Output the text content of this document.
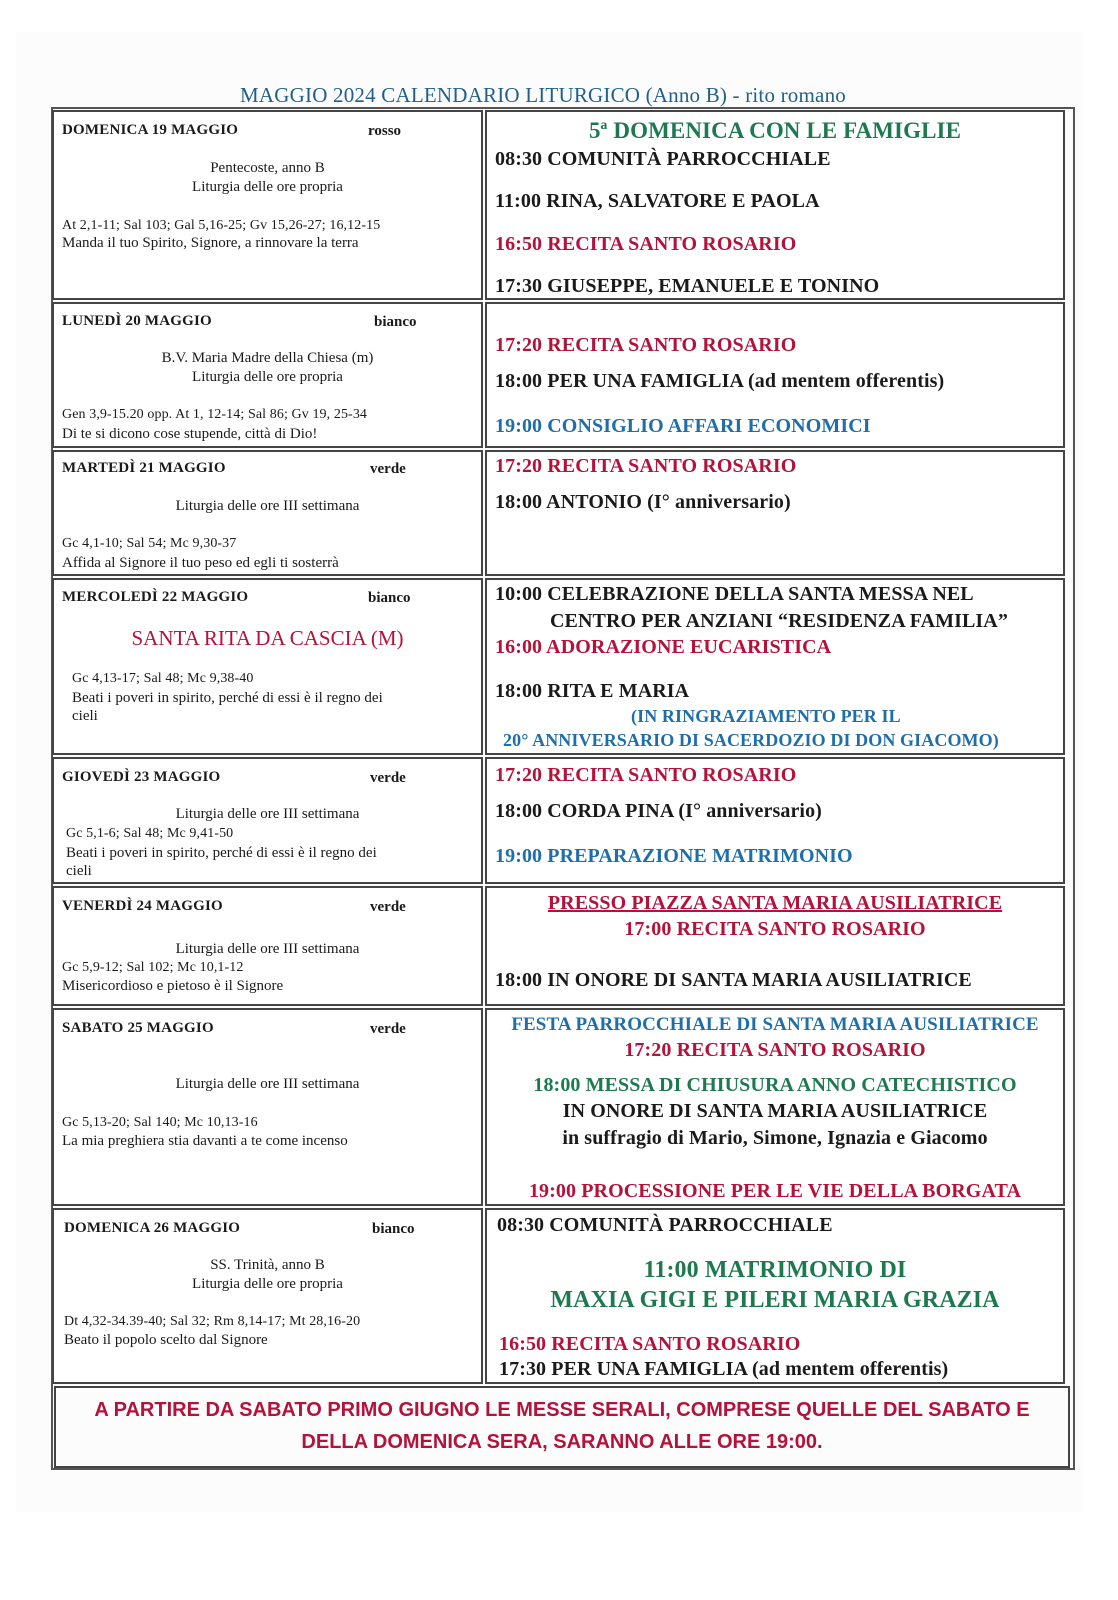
MAGGIO 2024 CALENDARIO LITURGICO (Anno B) - rito romano
DOMENICA 19 MAGGIO	rosso
Pentecoste, anno B
Liturgia delle ore propria
At 2,1-11; Sal 103; Gal 5,16-25; Gv 15,26-27; 16,12-15
Manda il tuo Spirito, Signore, a rinnovare la terra
5ª DOMENICA CON LE FAMIGLIE
08:30 COMUNITÀ PARROCCHIALE
11:00 RINA, SALVATORE E PAOLA
16:50 RECITA SANTO ROSARIO
17:30 GIUSEPPE, EMANUELE E TONINO
LUNEDÌ 20 MAGGIO	bianco
B.V. Maria Madre della Chiesa (m)
Liturgia delle ore propria
Gen 3,9-15.20 opp. At 1, 12-14; Sal 86; Gv 19, 25-34
Di te si dicono cose stupende, città di Dio!
17:20 RECITA SANTO ROSARIO
18:00 PER UNA FAMIGLIA (ad mentem offerentis)
19:00 CONSIGLIO AFFARI ECONOMICI
MARTEDÌ 21 MAGGIO	verde
Liturgia delle ore III settimana
Gc 4,1-10; Sal 54; Mc 9,30-37
Affida al Signore il tuo peso ed egli ti sosterrà
17:20 RECITA SANTO ROSARIO
18:00 ANTONIO (I° anniversario)
MERCOLEDÌ 22 MAGGIO	bianco
SANTA RITA DA CASCIA (M)
Gc 4,13-17; Sal 48; Mc 9,38-40
Beati i poveri in spirito, perché di essi è il regno dei
cieli
10:00 CELEBRAZIONE DELLA SANTA MESSA NEL
CENTRO PER ANZIANI “RESIDENZA FAMILIA”
16:00 ADORAZIONE EUCARISTICA
18:00 RITA E MARIA
(IN RINGRAZIAMENTO PER IL
20° ANNIVERSARIO DI SACERDOZIO DI DON GIACOMO)
GIOVEDÌ 23 MAGGIO	verde
Liturgia delle ore III settimana
Gc 5,1-6; Sal 48; Mc 9,41-50
Beati i poveri in spirito, perché di essi è il regno dei
cieli
17:20 RECITA SANTO ROSARIO
18:00 CORDA PINA (I° anniversario)
19:00 PREPARAZIONE MATRIMONIO
VENERDÌ 24 MAGGIO	verde
Liturgia delle ore III settimana
Gc 5,9-12; Sal 102; Mc 10,1-12
Misericordioso e pietoso è il Signore
PRESSO PIAZZA SANTA MARIA AUSILIATRICE
17:00 RECITA SANTO ROSARIO
18:00 IN ONORE DI SANTA MARIA AUSILIATRICE
SABATO 25 MAGGIO	verde
Liturgia delle ore III settimana
Gc 5,13-20; Sal 140; Mc 10,13-16
La mia preghiera stia davanti a te come incenso
FESTA PARROCCHIALE DI SANTA MARIA AUSILIATRICE
17:20 RECITA SANTO ROSARIO
18:00 MESSA DI CHIUSURA ANNO CATECHISTICO
IN ONORE DI SANTA MARIA AUSILIATRICE
in suffragio di Mario, Simone, Ignazia e Giacomo
19:00 PROCESSIONE PER LE VIE DELLA BORGATA
DOMENICA 26 MAGGIO	bianco
SS. Trinità, anno B
Liturgia delle ore propria
Dt 4,32-34.39-40; Sal 32; Rm 8,14-17; Mt 28,16-20
Beato il popolo scelto dal Signore
08:30 COMUNITÀ PARROCCHIALE
11:00 MATRIMONIO DI
MAXIA GIGI E PILERI MARIA GRAZIA
16:50 RECITA SANTO ROSARIO
17:30 PER UNA FAMIGLIA (ad mentem offerentis)
A PARTIRE DA SABATO PRIMO GIUGNO LE MESSE SERALI, COMPRESE QUELLE DEL SABATO E
DELLA DOMENICA SERA, SARANNO ALLE ORE 19:00.
